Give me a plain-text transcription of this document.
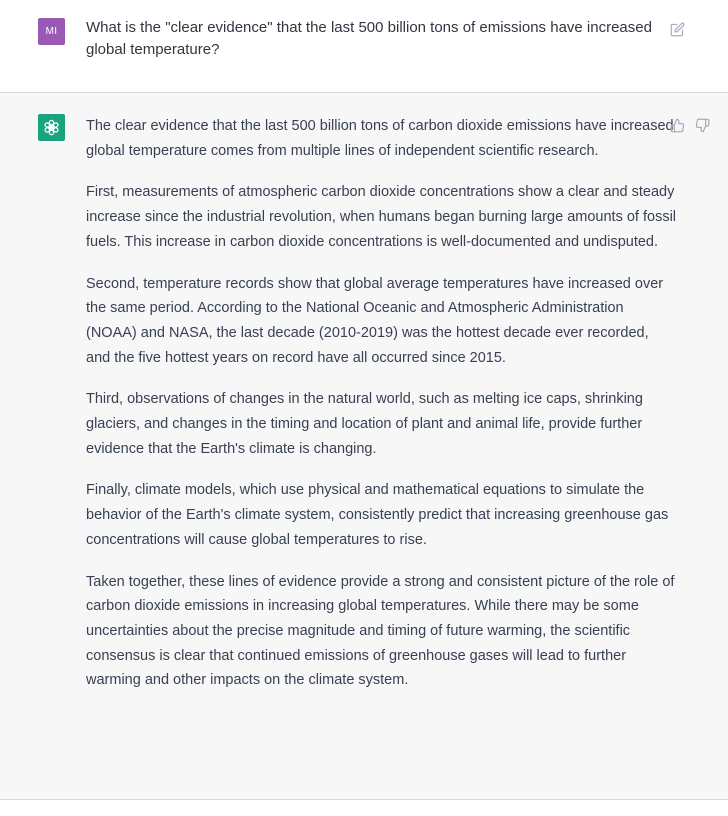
MI What is the "clear evidence" that the last 500 billion tons of emissions have increased global temperature?

The clear evidence that the last 500 billion tons of carbon dioxide emissions have increased global temperature comes from multiple lines of independent scientific research.

First, measurements of atmospheric carbon dioxide concentrations show a clear and steady increase since the industrial revolution, when humans began burning large amounts of fossil fuels. This increase in carbon dioxide concentrations is well-documented and undisputed.

Second, temperature records show that global average temperatures have increased over the same period. According to the National Oceanic and Atmospheric Administration (NOAA) and NASA, the last decade (2010-2019) was the hottest decade ever recorded, and the five hottest years on record have all occurred since 2015.

Third, observations of changes in the natural world, such as melting ice caps, shrinking glaciers, and changes in the timing and location of plant and animal life, provide further evidence that the Earth's climate is changing.

Finally, climate models, which use physical and mathematical equations to simulate the behavior of the Earth's climate system, consistently predict that increasing greenhouse gas concentrations will cause global temperatures to rise.

Taken together, these lines of evidence provide a strong and consistent picture of the role of carbon dioxide emissions in increasing global temperatures. While there may be some uncertainties about the precise magnitude and timing of future warming, the scientific consensus is clear that continued emissions of greenhouse gases will lead to further warming and other impacts on the climate system.
